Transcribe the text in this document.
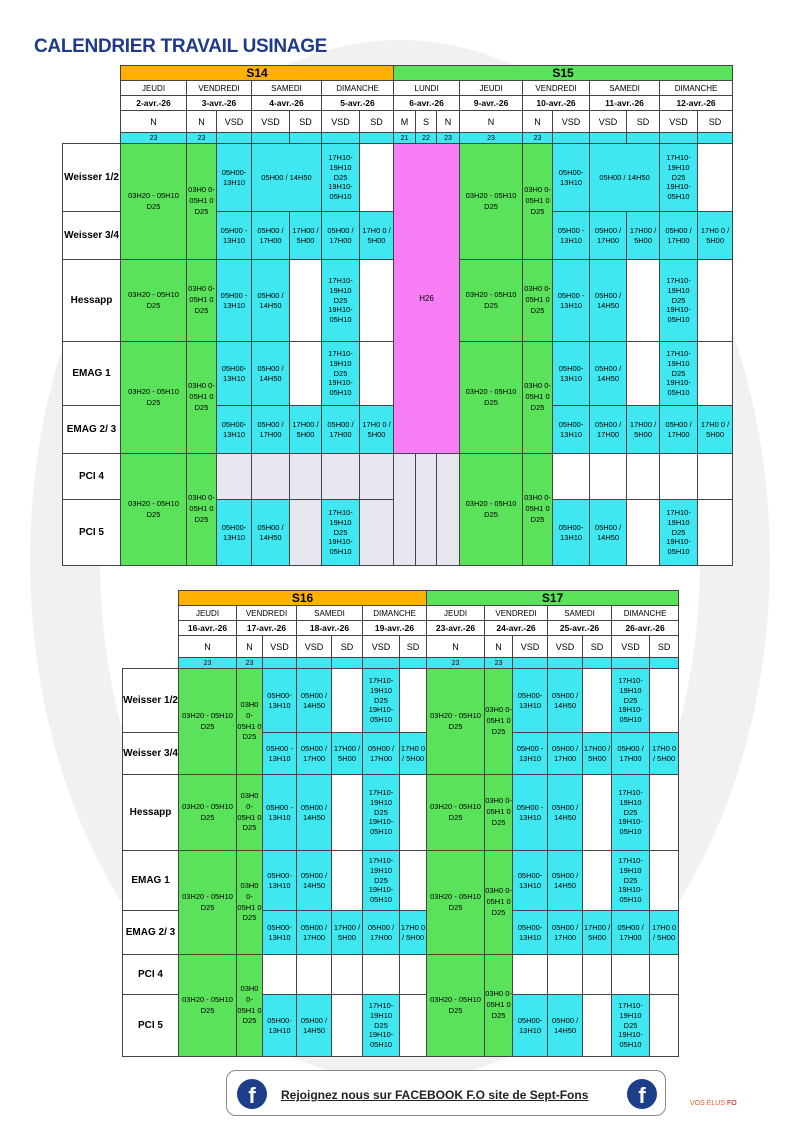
CALENDRIER TRAVAIL USINAGE
	S14							S15									
	JEUDI	VENDREDI		SAMEDI		DIMANCHE		LUNDI			JEUDI	VENDREDI		SAMEDI		DIMANCHE	
	2-avr.-26	3-avr.-26		4-avr.-26		5-avr.-26		6-avr.-26			9-avr.-26	10-avr.-26		11-avr.-26		12-avr.-26	
	N	N	VSD	VSD	SD	VSD	SD	M	S	N	N	N	VSD	VSD	SD	VSD	SD
	23	23						21	22	23	23	23					
Weisser 1/2	03H20 - 05H10 D25	03H0 0- 05H1 0 D25	05H00- 13H10	05H00 / 14H50		17H10- 19H10 D25 19H10- 05H10		H26			03H20 - 05H10 D25	03H0 0- 05H1 0 D25	05H00- 13H10	05H00 / 14H50		17H10- 19H10 D25 19H10- 05H10	
Weisser 3/4			05H00 - 13H10	05H00 / 17H00	17H00 / 5H00	05H00 / 17H00	17H0 0 / 5H00						05H00 - 13H10	05H00 / 17H00	17H00 / 5H00	05H00 / 17H00	17H0 0 / 5H00
Hessapp	03H20 - 05H10 D25	03H0 0- 05H1 0 D25	05H00 - 13H10	05H00 / 14H50		17H10- 19H10 D25 19H10- 05H10					03H20 - 05H10 D25	03H0 0- 05H1 0 D25	05H00 - 13H10	05H00 / 14H50		17H10- 19H10 D25 19H10- 05H10	
EMAG 1	03H20 - 05H10 D25	03H0 0- 05H1 0 D25	05H00- 13H10	05H00 / 14H50		17H10- 19H10 D25 19H10- 05H10					03H20 - 05H10 D25	03H0 0- 05H1 0 D25	05H00- 13H10	05H00 / 14H50		17H10- 19H10 D25 19H10- 05H10	
EMAG 2/ 3			05H00- 13H10	05H00 / 17H00	17H00 / 5H00	05H00 / 17H00	17H0 0 / 5H00						05H00- 13H10	05H00 / 17H00	17H00 / 5H00	05H00 / 17H00	17H0 0 / 5H00
PCI 4	03H20 - 05H10 D25	03H0 0- 05H1 0 D25									03H20 - 05H10 D25	03H0 0- 05H1 0 D25					
PCI 5			05H00- 13H10	05H00 / 14H50		17H10- 19H10 D25 19H10- 05H10							05H00- 13H10	05H00 / 14H50		17H10- 19H10 D25 19H10- 05H10	
	S16							S17						
	JEUDI	VENDREDI		SAMEDI		DIMANCHE		JEUDI	VENDREDI		SAMEDI		DIMANCHE	
	16-avr.-26	17-avr.-26		18-avr.-26		19-avr.-26		23-avr.-26	24-avr.-26		25-avr.-26		26-avr.-26	
	N	N	VSD	VSD	SD	VSD	SD	N	N	VSD	VSD	SD	VSD	SD
	23	23						23	23					
Weisser 1/2	03H20 - 05H10 D25	03H0 0- 05H1 0 D25	05H00- 13H10	05H00 / 14H50		17H10- 19H10 D25 19H10- 05H10		03H20 - 05H10 D25	03H0 0- 05H1 0 D25	05H00- 13H10	05H00 / 14H50		17H10- 19H10 D25 19H10- 05H10	
Weisser 3/4			05H00 - 13H10	05H00 / 17H00	17H00 / 5H00	05H00 / 17H00	17H0 0 / 5H00			05H00 - 13H10	05H00 / 17H00	17H00 / 5H00	05H00 / 17H00	17H0 0 / 5H00
Hessapp	03H20 - 05H10 D25	03H0 0- 05H1 0 D25	05H00 - 13H10	05H00 / 14H50		17H10- 19H10 D25 19H10- 05H10		03H20 - 05H10 D25	03H0 0- 05H1 0 D25	05H00 - 13H10	05H00 / 14H50		17H10- 19H10 D25 19H10- 05H10	
EMAG 1	03H20 - 05H10 D25	03H0 0- 05H1 0 D25	05H00- 13H10	05H00 / 14H50		17H10- 19H10 D25 19H10- 05H10		03H20 - 05H10 D25	03H0 0- 05H1 0 D25	05H00- 13H10	05H00 / 14H50		17H10- 19H10 D25 19H10- 05H10	
EMAG 2/ 3			05H00- 13H10	05H00 / 17H00	17H00 / 5H00	05H00 / 17H00	17H0 0 / 5H00			05H00- 13H10	05H00 / 17H00	17H00 / 5H00	05H00 / 17H00	17H0 0 / 5H00
PCI 4	03H20 - 05H10 D25	03H0 0- 05H1 0 D25						03H20 - 05H10 D25	03H0 0- 05H1 0 D25					
PCI 5			05H00- 13H10	05H00 / 14H50		17H10- 19H10 D25 19H10- 05H10				05H00- 13H10	05H00 / 14H50		17H10- 19H10 D25 19H10- 05H10	
f	Rejoignez nous sur FACEBOOK F.O site de Sept-Fons	f	VOS ÉLUS FO
